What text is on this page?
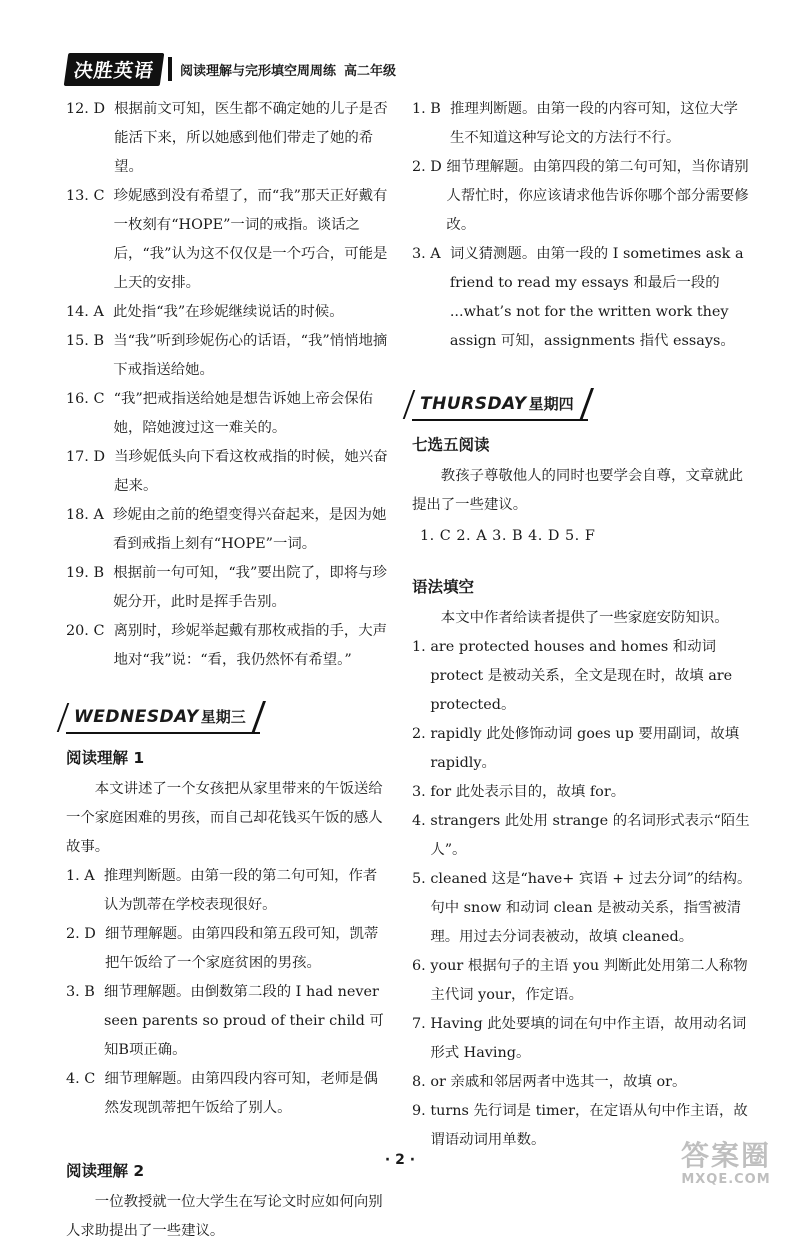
决胜英语	阅读理解与完形填空周周练 高二年级
12. D 根据前文可知，医生都不确定她的儿子是否能活下来，所以她感到他们带走了她的希望。
13. C 珍妮感到没有希望了，而“我”那天正好戴有一枚刻有“HOPE”一词的戒指。谈话之后，“我”认为这不仅仅是一个巧合，可能是上天的安排。
14. A 此处指“我”在珍妮继续说话的时候。
15. B 当“我”听到珍妮伤心的话语，“我”悄悄地摘下戒指送给她。
16. C “我”把戒指送给她是想告诉她上帝会保佑她，陪她渡过这一难关的。
17. D 当珍妮低头向下看这枚戒指的时候，她兴奋起来。
18. A 珍妮由之前的绝望变得兴奋起来，是因为她看到戒指上刻有“HOPE”一词。
19. B 根据前一句可知，“我”要出院了，即将与珍妮分开，此时是挥手告别。
20. C 离别时，珍妮举起戴有那枚戒指的手，大声地对“我”说：“看，我仍然怀有希望。”
WEDNESDAY 星期三
阅读理解 1

本文讲述了一个女孩把从家里带来的午饭送给一个家庭困难的男孩，而自己却花钱买午饭的感人故事。

1. A 推理判断题。由第一段的第二句可知，作者认为凯蒂在学校表现很好。
2. D 细节理解题。由第四段和第五段可知，凯蒂把午饭给了一个家庭贫困的男孩。
3. B 细节理解题。由倒数第二段的 I had never seen parents so proud of their child 可知B项正确。
4. C 细节理解题。由第四段内容可知，老师是偶然发现凯蒂把午饭给了别人。
阅读理解 2

一位教授就一位大学生在写论文时应如何向别人求助提出了一些建议。

1. B 推理判断题。由第一段的内容可知，这位大学生不知道这种写论文的方法行不行。
2. D 细节理解题。由第四段的第二句可知，当你请别人帮忙时，你应该请求他告诉你哪个部分需要修改。
3. A 词义猜测题。由第一段的 I sometimes ask a friend to read my essays 和最后一段的 ...what’s not for the written work they assign 可知，assignments 指代 essays。
THURSDAY 星期四
七选五阅读

教孩子尊敬他人的同时也要学会自尊，文章就此提出了一些建议。

1. C 2. A 3. B 4. D 5. F

语法填空

本文中作者给读者提供了一些家庭安防知识。

1. are protected houses and homes 和动词 protect 是被动关系，全文是现在时，故填 are protected。
2. rapidly 此处修饰动词 goes up 要用副词，故填 rapidly。
3. for 此处表示目的，故填 for。
4. strangers 此处用 strange 的名词形式表示“陌生人”。
5. cleaned 这是“have+ 宾语 + 过去分词”的结构。句中 snow 和动词 clean 是被动关系，指雪被清理。用过去分词表被动，故填 cleaned。
6. your 根据句子的主语 you 判断此处用第二人称物主代词 your，作定语。
7. Having 此处要填的词在句中作主语，故用动名词形式 Having。
8. or 亲戚和邻居两者中选其一，故填 or。
9. turns 先行词是 timer，在定语从句中作主语，故谓语动词用单数。
· 2 ·	答案圈
MXQE.COM
